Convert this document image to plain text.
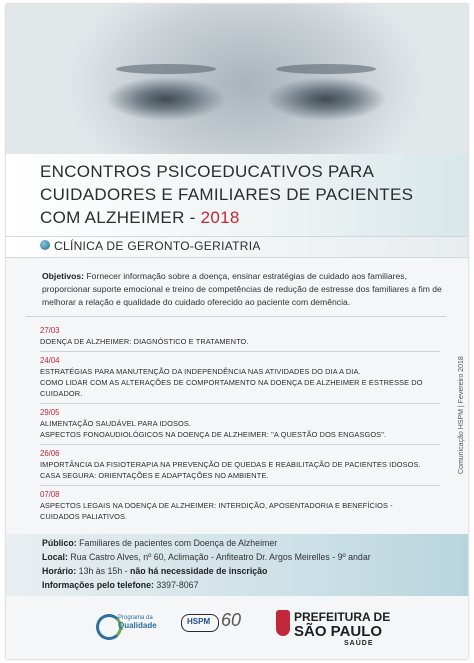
ENCONTROS PSICOEDUCATIVOS PARA
CUIDADORES E FAMILIARES DE PACIENTES
COM ALZHEIMER - 2018
CLÍNICA DE GERONTO-GERIATRIA
Objetivos: Fornecer informação sobre a doença, ensinar estratégias de cuidado aos familiares, proporcionar suporte emocional e treino de competências de redução de estresse dos familiares a fim de melhorar a relação e qualidade do cuidado oferecido ao paciente com demência.
27/03
DOENÇA DE ALZHEIMER: DIAGNÓSTICO E TRATAMENTO.
24/04
ESTRATÉGIAS PARA MANUTENÇÃO DA INDEPENDÊNCIA NAS ATIVIDADES DO DIA A DIA.
COMO LIDAR COM AS ALTERAÇÕES DE COMPORTAMENTO NA DOENÇA DE ALZHEIMER E ESTRESSE DO CUIDADOR.
29/05
ALIMENTAÇÃO SAUDÁVEL PARA IDOSOS.
ASPECTOS FONOAUDIOLÓGICOS NA DOENÇA DE ALZHEIMER: "A QUESTÃO DOS ENGASGOS".
26/06
IMPORTÂNCIA DA FISIOTERAPIA NA PREVENÇÃO DE QUEDAS E REABILITAÇÃO DE PACIENTES IDOSOS.
CASA SEGURA: ORIENTAÇÕES E ADAPTAÇÕES NO AMBIENTE.
07/08
ASPECTOS LEGAIS NA DOENÇA DE ALZHEIMER: INTERDIÇÃO, APOSENTADORIA E BENEFÍCIOS -
CUIDADOS PALIATIVOS.
Comunicação HSPM | Fevereiro 2018
Público: Familiares de pacientes com Doença de Alzheimer
Local: Rua Castro Alves, nº 60, Aclimação - Anfiteatro Dr. Argos Meirelles - 9º andar
Horário: 13h às 15h - não há necessidade de inscrição
Informações pelo telefone: 3397-8067
Programa da
Qualidade	HSPM 60	PREFEITURA DE
SÃO PAULO
SAÚDE
